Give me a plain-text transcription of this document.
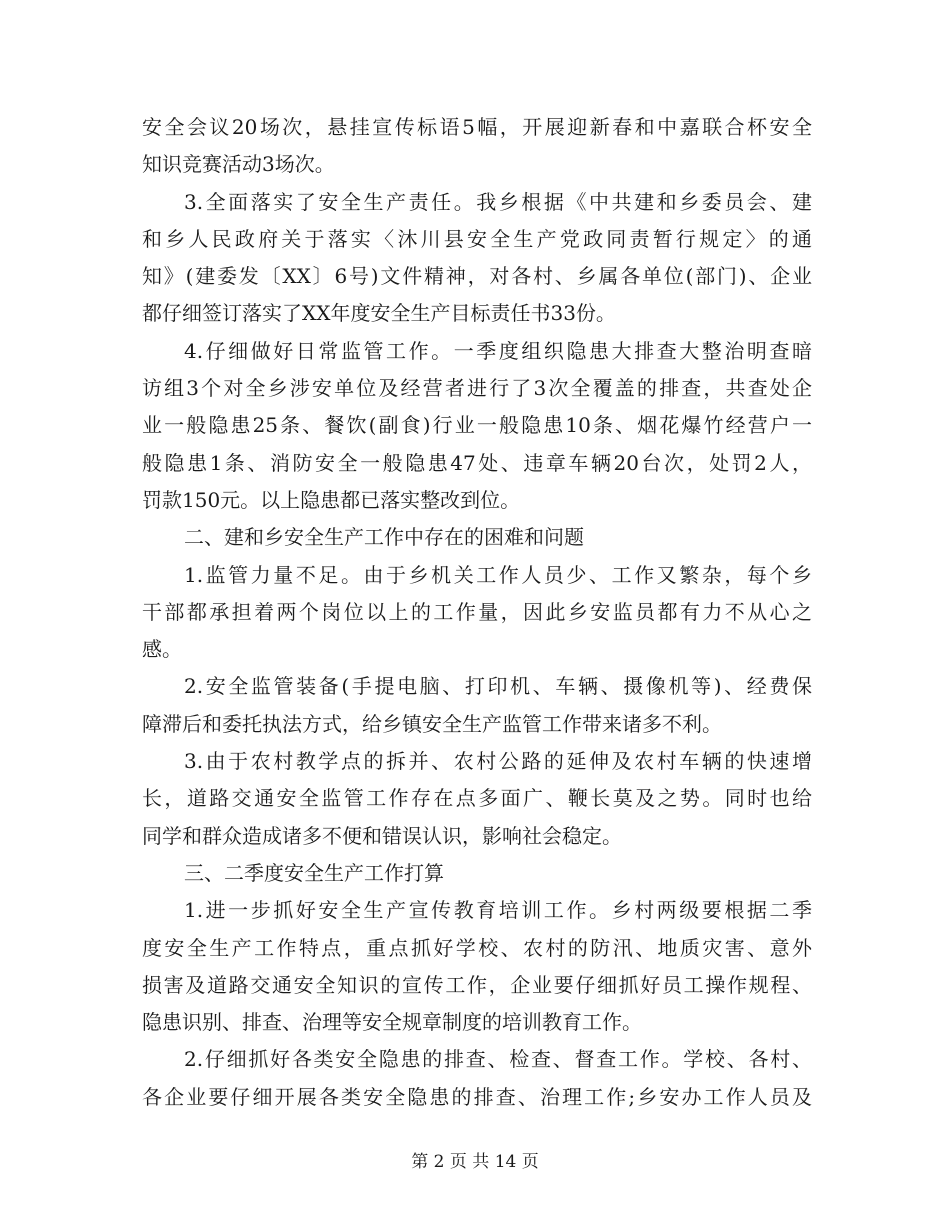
安全会议20场次，悬挂宣传标语5幅，开展迎新春和中嘉联合杯安全
知识竞赛活动3场次。
3.全面落实了安全生产责任。我乡根据《中共建和乡委员会、建
和乡人民政府关于落实〈沐川县安全生产党政同责暂行规定〉的通
知》(建委发〔XX〕6号)文件精神，对各村、乡属各单位(部门)、企业
都仔细签订落实了XX年度安全生产目标责任书33份。
4.仔细做好日常监管工作。一季度组织隐患大排查大整治明查暗
访组3个对全乡涉安单位及经营者进行了3次全覆盖的排查，共查处企
业一般隐患25条、餐饮(副食)行业一般隐患10条、烟花爆竹经营户一
般隐患1条、消防安全一般隐患47处、违章车辆20台次，处罚2人，
罚款150元。以上隐患都已落实整改到位。
二、建和乡安全生产工作中存在的困难和问题
1.监管力量不足。由于乡机关工作人员少、工作又繁杂，每个乡
干部都承担着两个岗位以上的工作量，因此乡安监员都有力不从心之
感。
2.安全监管装备(手提电脑、打印机、车辆、摄像机等)、经费保
障滞后和委托执法方式，给乡镇安全生产监管工作带来诸多不利。
3.由于农村教学点的拆并、农村公路的延伸及农村车辆的快速增
长，道路交通安全监管工作存在点多面广、鞭长莫及之势。同时也给
同学和群众造成诸多不便和错误认识，影响社会稳定。
三、二季度安全生产工作打算
1.进一步抓好安全生产宣传教育培训工作。乡村两级要根据二季
度安全生产工作特点，重点抓好学校、农村的防汛、地质灾害、意外
损害及道路交通安全知识的宣传工作，企业要仔细抓好员工操作规程、
隐患识别、排查、治理等安全规章制度的培训教育工作。
2.仔细抓好各类安全隐患的排查、检查、督查工作。学校、各村、
各企业要仔细开展各类安全隐患的排查、治理工作;乡安办工作人员及
第 2 页 共 14 页
